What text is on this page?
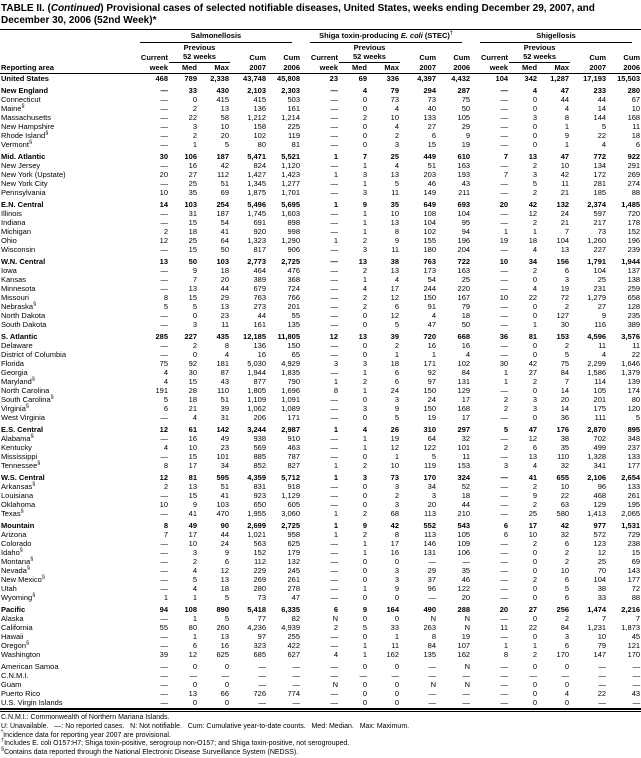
TABLE II. (Continued) Provisional cases of selected notifiable diseases, United States, weeks ending December 29, 2007, and December 30, 2006 (52nd Week)*

	Salmonellosis					Shiga toxin-producing E. coli (STEC)†					Shigellosis				

		Previous					Previous					Previous			
	Current	52 weeks		Cum	Cum	Current	52 weeks		Cum	Cum	Current	52 weeks		Cum	Cum
Reporting area	week	Med	Max	2007	2006	week	Med	Max	2007	2006	week	Med	Max	2007	2006
United States	468	789	2,338	43,748	45,808	23	69	336	4,397	4,432	104	342	1,287	17,193	15,503
New England	—	33	430	2,103	2,303	—	4	79	294	287	—	4	47	233	280
Connecticut	—	0	415	415	503	—	0	73	73	75	—	0	44	44	67
Maine§	—	2	13	136	161	—	0	4	40	50	—	0	4	14	10
Massachusetts	—	22	58	1,212	1,214	—	2	10	133	105	—	3	8	144	168
New Hampshire	—	3	10	158	225	—	0	4	27	29	—	0	1	5	11
Rhode Island§	—	2	20	102	119	—	0	2	6	9	—	0	9	22	18
Vermont§	—	1	5	80	81	—	0	3	15	19	—	0	1	4	6
Mid. Atlantic	30	106	187	5,471	5,521	1	7	25	449	610	7	13	47	772	922
New Jersey	—	16	42	824	1,120	—	1	4	51	163	—	2	10	134	291
New York (Upstate)	20	27	112	1,427	1,423	1	3	13	203	193	7	3	42	172	269
New York City	—	25	51	1,345	1,277	—	1	5	46	43	—	5	11	281	274
Pennsylvania	10	35	69	1,875	1,701	—	3	11	149	211	—	2	21	185	88
E.N. Central	14	103	254	5,496	5,695	1	9	35	649	693	20	42	132	2,374	1,485
Illinois	—	31	187	1,745	1,603	—	1	10	108	104	—	12	24	597	720
Indiana	—	15	54	691	898	—	1	13	104	95	—	2	21	217	178
Michigan	2	18	41	920	998	—	1	8	102	94	1	1	7	73	152
Ohio	12	25	64	1,323	1,290	1	2	9	155	196	19	18	104	1,260	196
Wisconsin	—	15	50	817	906	—	3	11	180	204	—	4	13	227	239
W.N. Central	13	50	103	2,773	2,725	—	13	38	763	722	10	34	156	1,791	1,944
Iowa	—	9	18	464	476	—	2	13	173	163	—	2	6	104	137
Kansas	—	7	20	389	368	—	1	4	54	25	—	0	3	25	138
Minnesota	—	13	44	679	724	—	4	17	244	220	—	4	19	231	259
Missouri	8	15	29	763	766	—	2	12	150	167	10	22	72	1,279	658
Nebraska§	5	5	13	273	201	—	2	6	91	79	—	0	2	27	128
North Dakota	—	0	23	44	55	—	0	12	4	18	—	0	127	9	235
South Dakota	—	3	11	161	135	—	0	5	47	50	—	1	30	116	389
S. Atlantic	285	227	435	12,185	11,805	12	13	39	720	668	36	81	153	4,596	3,576
Delaware	—	2	8	136	150	—	0	2	16	16	—	0	2	11	11
District of Columbia	—	0	4	16	65	—	0	1	1	4	—	0	5	4	22
Florida	75	92	181	5,030	4,929	3	3	18	171	102	30	42	75	2,299	1,646
Georgia	4	30	87	1,944	1,835	—	1	6	92	84	1	27	84	1,586	1,379
Maryland§	4	15	43	877	790	1	2	6	97	131	1	2	7	114	139
North Carolina	191	28	110	1,805	1,696	8	1	24	150	129	—	0	14	105	174
South Carolina§	5	18	51	1,109	1,091	—	0	3	24	17	2	3	20	201	80
Virginia§	6	21	39	1,062	1,089	—	3	9	150	168	2	3	14	175	120
West Virginia	—	4	31	206	171	—	0	5	19	17	—	0	36	111	5
E.S. Central	12	61	142	3,244	2,987	1	4	26	310	297	5	47	176	2,870	895
Alabama§	—	16	49	938	910	—	1	19	64	32	—	12	38	702	348
Kentucky	4	10	23	569	463	—	1	12	122	101	2	6	35	499	237
Mississippi	—	15	101	885	787	—	0	1	5	11	—	13	110	1,328	133
Tennessee§	8	17	34	852	827	1	2	10	119	153	3	4	32	341	177
W.S. Central	12	81	595	4,359	5,712	1	3	73	170	324	—	41	655	2,106	2,654
Arkansas§	2	13	51	831	918	—	0	3	34	52	—	2	10	96	133
Louisiana	—	15	41	923	1,129	—	0	2	3	18	—	9	22	468	261
Oklahoma	10	9	103	650	605	—	0	3	20	44	—	2	63	129	195
Texas§	—	41	470	1,955	3,060	1	2	68	113	210	—	25	580	1,413	2,065
Mountain	8	49	90	2,699	2,725	1	9	42	552	543	6	17	42	977	1,531
Arizona	7	17	44	1,021	958	1	2	8	113	105	6	10	32	572	729
Colorado	—	10	24	563	625	—	1	17	146	109	—	2	6	123	238
Idaho§	—	3	9	152	179	—	1	16	131	106	—	0	2	12	15
Montana§	—	2	6	112	132	—	0	0	—	—	—	0	2	25	69
Nevada§	—	4	12	229	245	—	0	3	29	35	—	0	10	70	143
New Mexico§	—	5	13	269	261	—	0	3	37	46	—	2	6	104	177
Utah	—	4	18	280	278	—	1	9	96	122	—	0	5	38	72
Wyoming§	1	1	5	73	47	—	0	0	—	20	—	0	6	33	88
Pacific	94	108	890	5,418	6,335	6	9	164	490	288	20	27	256	1,474	2,216
Alaska	—	1	5	77	82	N	0	0	N	N	—	0	2	7	7
California	55	80	260	4,236	4,939	2	5	33	263	N	11	22	84	1,231	1,873
Hawaii	—	1	13	97	255	—	0	1	8	19	—	0	3	10	45
Oregon§	—	6	16	323	422	—	1	11	84	107	1	1	6	79	121
Washington	39	12	625	685	627	4	1	162	135	162	8	2	170	147	170
American Samoa	—	0	0	—	—	—	0	0	—	N	—	0	0	—	—
C.N.M.I.	—	—	—	—	—	—	—	—	—	—	—	—	—	—	—
Guam	—	0	0	—	—	N	0	0	N	N	—	0	0	—	—
Puerto Rico	—	13	66	726	774	—	0	0	—	—	—	0	4	22	43
U.S. Virgin Islands	—	0	0	—	—	—	0	0	—	—	—	0	0	—	—
C.N.M.I.: Commonwealth of Northern Mariana Islands.
U: Unavailable.   —: No reported cases.   N: Not notifiable.   Cum: Cumulative year-to-date counts.   Med: Median.   Max: Maximum.
*Incidence data for reporting year 2007 are provisional.
†Includes E. coli O157:H7; Shiga toxin-positive, serogroup non-O157; and Shiga toxin-positive, not serogrouped.
§Contains data reported through the National Electronic Disease Surveillance System (NEDSS).
